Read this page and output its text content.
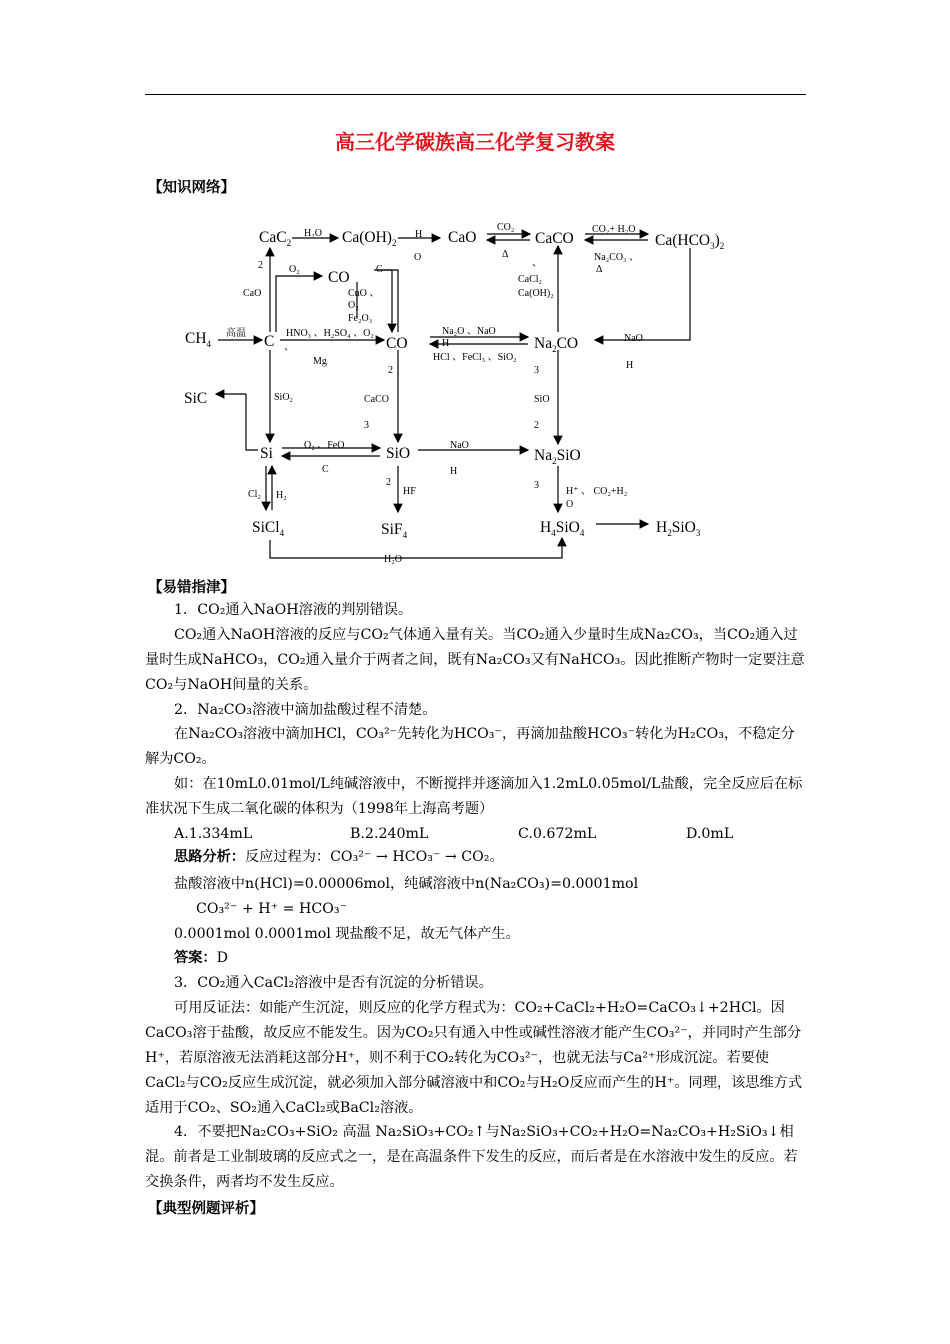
高三化学碳族高三化学复习教案
【知识网络】
CaC$_2$	$Ca(OH)_2$	CaO	CaCO	$Ca(HCO_3)_2$
CO
C	CO	$Na_2CO$
$CH_4$
SiC
Si	SiO	$Na_2SiO$
SiCl$_4$	SiF$_4$	$H_4SiO_4$	$H_2SiO_3$
H₂O	H
O
CO₂
Δ
CO₂+ H₂O
Na₂CO₃ 、
Δ
2
CaO
O₂	C
CuO 、
O₂
Fe₂O₃
、
CaCl₂
Ca(OH)₂
高温	HNO₃ 、H₂SO₄ 、O₂
、
Mg
Na₂O 、NaO
H
HCl 、FeCl₃ 、SiO₂
NaO
H
2	3
SiO₂	CaCO
3
SiO
2
O₂ 、FeO
C
NaO
H
2	3
Cl₂ H₂	HF	H⁺ 、 CO₂+H₂
O
H₂O
【易错指津】
1．CO₂通入NaOH溶液的判别错误。
CO₂通入NaOH溶液的反应与CO₂气体通入量有关。当CO₂通入少量时生成Na₂CO₃，当CO₂通入过量时生成NaHCO₃，CO₂通入量介于两者之间，既有Na₂CO₃又有NaHCO₃。因此推断产物时一定要注意CO₂与NaOH间量的关系。
2．Na₂CO₃溶液中滴加盐酸过程不清楚。
在Na₂CO₃溶液中滴加HCl，CO₃²⁻先转化为HCO₃⁻，再滴加盐酸HCO₃⁻转化为H₂CO₃，不稳定分解为CO₂。
如：在10mL0.01mol/L纯碱溶液中，不断搅拌并逐滴加入1.2mL0.05mol/L盐酸，完全反应后在标准状况下生成二氧化碳的体积为（1998年上海高考题）
A.1.334mL	B.2.240mL	C.0.672mL	D.0mL
思路分析：反应过程为：CO₃²⁻ → HCO₃⁻ → CO₂。
盐酸溶液中n(HCl)=0.00006mol，纯碱溶液中n(Na₂CO₃)=0.0001mol
CO₃²⁻ + H⁺ = HCO₃⁻
0.0001mol 0.0001mol 现盐酸不足，故无气体产生。
答案：D
3．CO₂通入CaCl₂溶液中是否有沉淀的分析错误。
可用反证法：如能产生沉淀，则反应的化学方程式为：CO₂+CaCl₂+H₂O=CaCO₃↓+2HCl。因CaCO₃溶于盐酸，故反应不能发生。因为CO₂只有通入中性或碱性溶液才能产生CO₃²⁻，并同时产生部分H⁺，若原溶液无法消耗这部分H⁺，则不利于CO₂转化为CO₃²⁻，也就无法与Ca²⁺形成沉淀。若要使CaCl₂与CO₂反应生成沉淀，就必须加入部分碱溶液中和CO₂与H₂O反应而产生的H⁺。同理，该思维方式适用于CO₂、SO₂通入CaCl₂或BaCl₂溶液。
4．不要把Na₂CO₃+SiO₂ 高温 Na₂SiO₃+CO₂↑与Na₂SiO₃+CO₂+H₂O=Na₂CO₃+H₂SiO₃↓相混。前者是工业制玻璃的反应式之一，是在高温条件下发生的反应，而后者是在水溶液中发生的反应。若交换条件，两者均不发生反应。
【典型例题评析】
